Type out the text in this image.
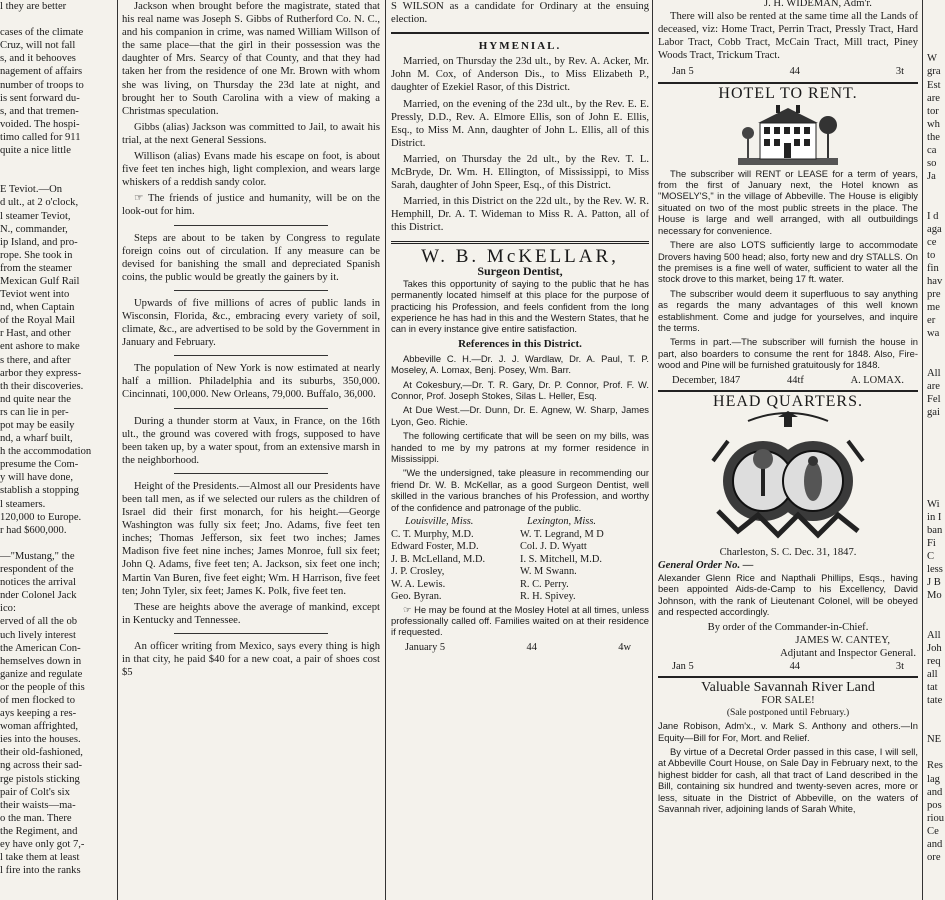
l they are better

cases of the climate

Cruz, will not fall

s, and it behooves

nagement of affairs

number of troops to

is sent forward du-

s, and that tremen-

voided. The hospi-

timo called for 911

quite a nice little

E Teviot.—On

d ult., at 2 o'clock,

l steamer Teviot,

N., commander,

ip Island, and pro-

rope. She took in

from the steamer

Mexican Gulf Rail

Teviot went into

nd, when Captain

of the Royal Mail

r Hast, and other

ent ashore to make

s there, and after

arbor they express-

th their discoveries.

nd quite near the

rs can lie in per-

pot may be easily

nd, a wharf built,

h the accommodation

presume the Com-

y will have done,

stablish a stopping

l steamers.

120,000 to Europe.

r had $600,000.

—"Mustang," the

respondent of the

notices the arrival

nder Colonel Jack

ico:

erved of all the ob

uch lively interest

the American Con-

hemselves down in

ganize and regulate

or the people of this

of men flocked to

ays keeping a res-

woman affrighted,

ies into the houses.

their old-fashioned,

ng across their sad-

rge pistols sticking

pair of Colt's six

their waists—ma-

o the man. There

the Regiment, and

ey have only got 7,-

l take them at least

l fire into the ranks

Jackson when brought before the magistrate, stated that his real name was Joseph S. Gibbs of Rutherford Co. N. C., and his companion in crime, was named William Willson of the same place—that the girl in their possession was the daughter of Mrs. Searcy of that County, and that they had taken her from the residence of one Mr. Brown with whom she was living, on Thursday the 23d late at night, and brought her to South Carolina with a view of making a Christmas speculation.

Gibbs (alias) Jackson was committed to Jail, to await his trial, at the next General Sessions.

Willison (alias) Evans made his escape on foot, is about five feet ten inches high, light complexion, and wears large whiskers of a reddish sandy color.

☞ The friends of justice and humanity, will be on the look-out for him.

Steps are about to be taken by Congress to regulate foreign coins out of circulation. If any measure can be devised for banishing the small and depreciated Spanish coins, the public would be greatly the gainers by it.

Upwards of five millions of acres of public lands in Wisconsin, Florida, &c., embracing every variety of soil, climate, &c., are advertised to be sold by the Government in January and February.

The population of New York is now estimated at nearly half a million. Philadelphia and its suburbs, 350,000. Cincinnati, 100,000. New Orleans, 79,000. Buffalo, 36,000.

During a thunder storm at Vaux, in France, on the 16th ult., the ground was covered with frogs, supposed to have been taken up, by a water spout, from an extensive marsh in the neighborhood.

Height of the Presidents.—Almost all our Presidents have been tall men, as if we selected our rulers as the children of Israel did their first monarch, for his height.—George Washington was fully six feet; Jno. Adams, five feet ten inches; Thomas Jefferson, six feet two inches; James Madison five feet nine inches; James Monroe, full six feet; John Q. Adams, five feet ten; A. Jackson, six feet one inch; Martin Van Buren, five feet eight; Wm. H Harrison, five feet ten; John Tyler, six feet; James K. Polk, five feet ten.

These are heights above the average of mankind, except in Kentucky and Tennessee.

An officer writing from Mexico, says every thing is high in that city, he paid $40 for a new coat, a pair of shoes cost $5

S WILSON as a candidate for Ordinary at the ensuing election.

HYMENIAL.

Married, on Thursday the 23d ult., by Rev. A. Acker, Mr. John M. Cox, of Anderson Dis., to Miss Elizabeth P., daughter of Ezekiel Rasor, of this District.

Married, on the evening of the 23d ult., by the Rev. E. E. Pressly, D.D., Rev. A. Elmore Ellis, son of John E. Ellis, Esq., to Miss M. Ann, daughter of John L. Ellis, all of this District.

Married, on Thursday the 2d ult., by the Rev. T. L. McBryde, Dr. Wm. H. Ellington, of Mississippi, to Miss Sarah, daughter of John Speer, Esq., of this District.

Married, in this District on the 22d ult., by the Rev. W. R. Hemphill, Dr. A. T. Wideman to Miss R. A. Patton, all of this District.

W. B. McKELLAR,
Surgeon Dentist,

Takes this opportunity of saying to the public that he has permanently located himself at this place for the purpose of practicing his Profession, and feels confident from the long experience he has had in this and the Western States, that he can in every instance give entire satisfaction.

References in this District.

Abbeville C. H.—Dr. J. J. Wardlaw, Dr. A. Paul, T. P. Moseley, A. Lomax, Benj. Posey, Wm. Barr.

At Cokesbury,—Dr. T. R. Gary, Dr. P. Connor, Prof. F. W. Connor, Prof. Joseph Stokes, Silas L. Heller, Esq.

At Due West.—Dr. Dunn, Dr. E. Agnew, W. Sharp, James Lyon, Geo. Richie.

The following certificate that will be seen on my bills, was handed to me by my patrons at my former residence in Mississippi.

"We the undersigned, take pleasure in recommending our friend Dr. W. B. McKellar, as a good Surgeon Dentist, well skilled in the various branches of his Profession, and worthy of the confidence and patronage of the public.

Louisville, Miss.	Lexington, Miss.
C. T. Murphy, M.D.	W. T. Legrand, M D
Edward Foster, M.D.	Col. J. D. Wyatt
J. B. McLelland, M.D.	I. S. Mitchell, M.D.
J. P. Crosley,	W. M Swann.
W. A. Lewis.	R. C. Perry.
Geo. Byran.	R. H. Spivey.

☞ He may be found at the Mosley Hotel at all times, unless professionally called off. Families waited on at their residence if requested.

January 5	44	4w
J. H. WIDEMAN, Adm'r.

There will also be rented at the same time all the Lands of deceased, viz: Home Tract, Perrin Tract, Pressly Tract, Hard Labor Tract, Cobb Tract, McCain Tract, Mill tract, Piney Woods Tract, Trickum Tract.

Jan 5	44	3t
HOTEL TO RENT.

The subscriber will RENT or LEASE for a term of years, from the first of January next, the Hotel known as "MOSELY'S," in the village of Abbeville. The House is eligibly situated on two of the most public streets in the place. The House is large and well arranged, with all outbuildings necessary for convenience.

There are also LOTS sufficiently large to accommodate Drovers having 500 head; also, forty new and dry STALLS. On the premises is a fine well of water, sufficient to water all the stock drove to this market, being 17 ft. water.

The subscriber would deem it superfluous to say anything as regards the many advantages of this well known establishment. Come and judge for yourselves, and inquire the terms.

Terms in part.—The subscriber will furnish the house in part, also boarders to consume the rent for 1848. Also, Fire-wood and Pine will be furnished gratuitously for 1848.

December, 1847	44tf	A. LOMAX.
HEAD QUARTERS.
Charleston, S. C. Dec. 31, 1847.
General Order No. —

Alexander Glenn Rice and Napthali Phillips, Esqs., having been appointed Aids-de-Camp to his Excellency, David Johnson, with the rank of Lieutenant Colonel, will be obeyed and respected accordingly.

By order of the Commander-in-Chief.
JAMES W. CANTEY,
Adjutant and Inspector General.
Jan 5	44	3t
Valuable Savannah River Land
FOR SALE!
(Sale postponed until February.)

Jane Robison, Adm'x., v. Mark S. Anthony and others.—In Equity—Bill for For, Mort. and Relief.

By virtue of a Decretal Order passed in this case, I will sell, at Abbeville Court House, on Sale Day in February next, to the highest bidder for cash, all that tract of Land described in the Bill, containing six hundred and twenty-seven acres, more or less, situate in the District of Abbeville, on the waters of Savannah river, adjoining lands of Sarah White,

W

gra

Est

are

tor

wh

the

ca

so

Ja

I d

aga

ce

to

fin

hav

pre

me

er

wa

All

are

Fel

gai

Wi

in I

ban

Fi

C

less

J B

Mo

All

Joh

req

all

tat

tate

NE

Res

lag

and

pos

riou

Ce

and

ore
